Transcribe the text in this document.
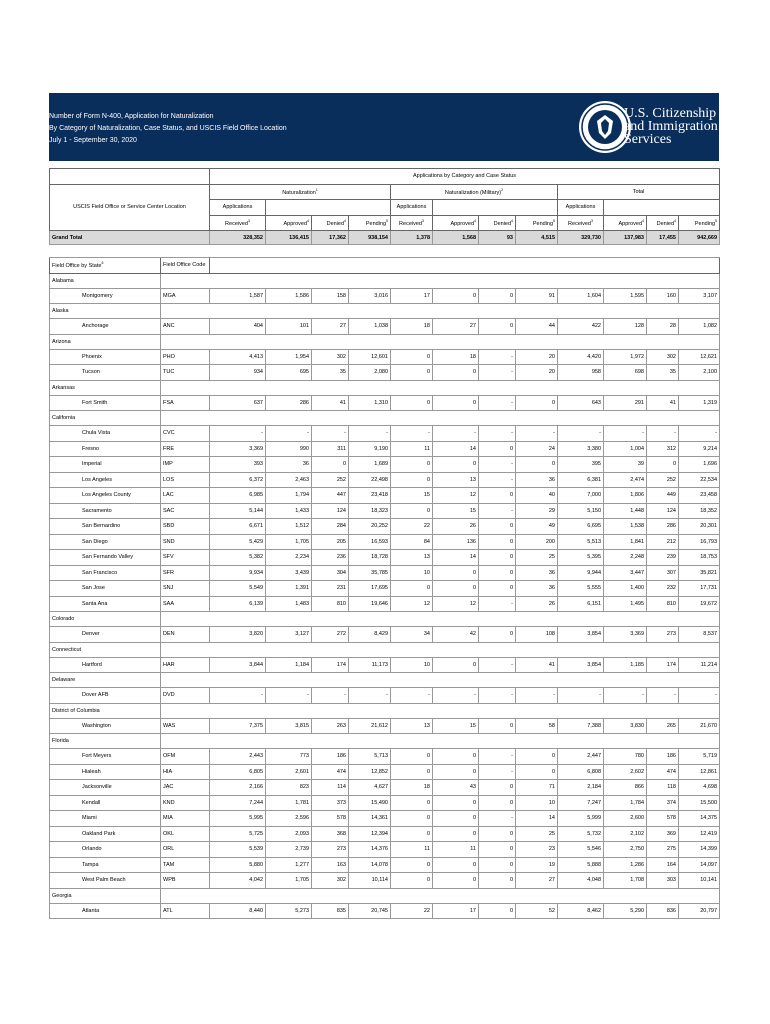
Number of Form N-400, Application for Naturalization
By Category of Naturalization, Case Status, and USCIS Field Office Location
July 1 - September 30, 2020
U.S. Citizenship
and Immigration
Services
		Applications by Category and Case Status											
USCIS Field Office or Service Center Location		Naturalization$^1$				Naturalization (Military)$^2$				Total			
		Applications				Applications				Applications			
		Received$^3$	Approved$^4$	Denied$^4$	Pending$^5$	Received$^3$	Approved$^4$	Denied$^4$	Pending$^5$	Received$^3$	Approved$^4$	Denied$^4$	Pending$^5$
Grand Total		328,352	136,415	17,362	938,154	1,378	1,568	93	4,515	329,730	137,983	17,455	942,669

Field Office by State$^6$	Field Office Code												
Alabama													
Montgomery	MGA	1,587	1,586	158	3,016	17	0	0	91	1,604	1,595	160	3,107
Alaska													
Anchorage	ANC	404	101	27	1,038	18	27	0	44	422	128	28	1,082
Arizona													
Phoenix	PHO	4,413	1,954	302	12,601	0	18	-	20	4,420	1,972	302	12,621
Tucson	TUC	934	695	35	2,080	0	0	-	20	958	698	35	2,100
Arkansas													
Fort Smith	FSA	637	286	41	1,310	0	0	-	0	643	291	41	1,319
California													
Chula Vista	CVC	-	-	-	-	-	-	-	-	-	-	-	-
Fresno	FRE	3,369	990	311	9,190	11	14	0	24	3,380	1,004	312	9,214
Imperial	IMP	393	36	0	1,689	0	0	-	0	395	39	0	1,696
Los Angeles	LOS	6,372	2,463	252	22,498	0	13	-	36	6,381	2,474	252	22,534
Los Angeles County	LAC	6,985	1,794	447	23,418	15	12	0	40	7,000	1,806	449	23,458
Sacramento	SAC	5,144	1,433	124	18,323	0	15	-	29	5,150	1,448	124	18,352
San Bernardino	SBD	6,671	1,512	284	20,252	22	26	0	49	6,695	1,538	286	20,301
San Diego	SND	5,429	1,705	205	16,593	84	136	0	200	5,513	1,841	212	16,793
San Fernando Valley	SFV	5,382	2,234	236	18,728	13	14	0	25	5,395	2,248	239	18,753
San Francisco	SFR	9,934	3,439	304	35,785	10	0	0	36	9,944	3,447	307	35,821
San Jose	SNJ	5,549	1,391	231	17,695	0	0	0	36	5,555	1,400	232	17,731
Santa Ana	SAA	6,139	1,483	810	19,646	12	12	-	26	6,151	1,495	810	19,672
Colorado													
Denver	DEN	3,820	3,127	272	8,429	34	42	0	108	3,854	3,369	273	8,537
Connecticut													
Hartford	HAR	3,844	1,184	174	11,173	10	0	-	41	3,854	1,185	174	11,214
Delaware													
Dover AFB	DVD	-	-	-	-	-	-	-	-	-	-	-	-
District of Columbia													
Washington	WAS	7,375	3,815	263	21,612	13	15	0	58	7,388	3,830	265	21,670
Florida													
Fort Meyers	OFM	2,443	773	186	5,713	0	0	-	0	2,447	780	186	5,719
Hialeah	HIA	6,805	2,601	474	12,852	0	0	-	0	6,808	2,602	474	12,861
Jacksonville	JAC	2,166	823	114	4,627	18	43	0	71	2,184	866	118	4,698
Kendall	KND	7,244	1,781	373	15,490	0	0	0	10	7,247	1,784	374	15,500
Miami	MIA	5,995	2,596	578	14,361	0	0	-	14	5,999	2,600	578	14,375
Oakland Park	OKL	5,725	2,093	368	12,394	0	0	0	25	5,732	2,102	369	12,419
Orlando	ORL	5,539	2,739	273	14,376	11	11	0	23	5,546	2,750	275	14,399
Tampa	TAM	5,880	1,277	163	14,078	0	0	0	19	5,888	1,286	164	14,097
West Palm Beach	WPB	4,042	1,705	302	10,114	0	0	0	27	4,048	1,708	303	10,141
Georgia													
Atlanta	ATL	8,440	5,273	835	20,745	22	17	0	52	8,462	5,290	836	20,797
